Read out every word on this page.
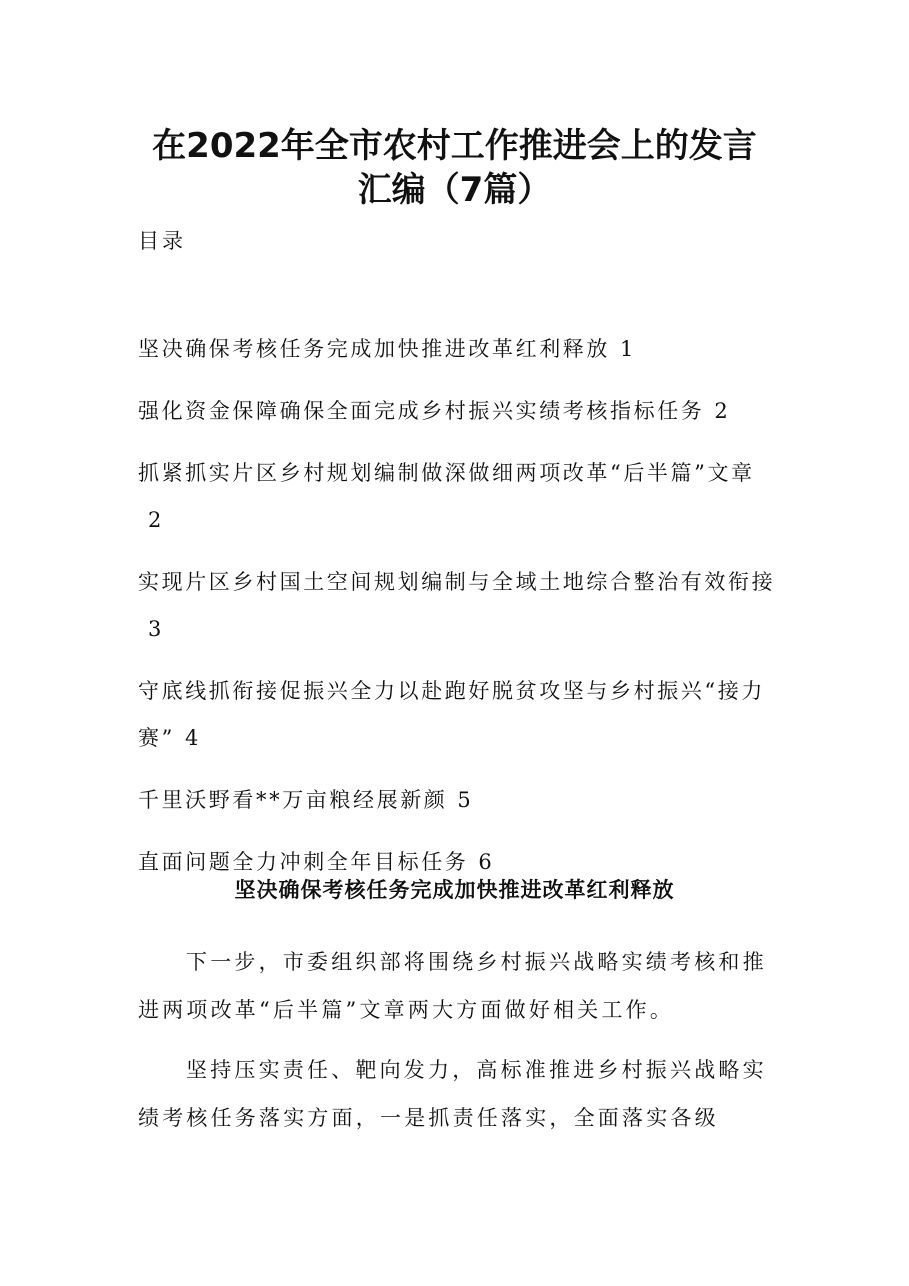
在2022年全市农村工作推进会上的发言
汇编（7篇）
目录
坚决确保考核任务完成加快推进改革红利释放 1
强化资金保障确保全面完成乡村振兴实绩考核指标任务 2
抓紧抓实片区乡村规划编制做深做细两项改革“后半篇”文章2
实现片区乡村国土空间规划编制与全域土地综合整治有效衔接3
守底线抓衔接促振兴全力以赴跑好脱贫攻坚与乡村振兴“接力赛” 4
千里沃野看**万亩粮经展新颜 5
直面问题全力冲刺全年目标任务 6
坚决确保考核任务完成加快推进改革红利释放

下一步，市委组织部将围绕乡村振兴战略实绩考核和推进两项改革“后半篇”文章两大方面做好相关工作。

坚持压实责任、靶向发力，高标准推进乡村振兴战略实绩考核任务落实方面，一是抓责任落实，全面落实各级
